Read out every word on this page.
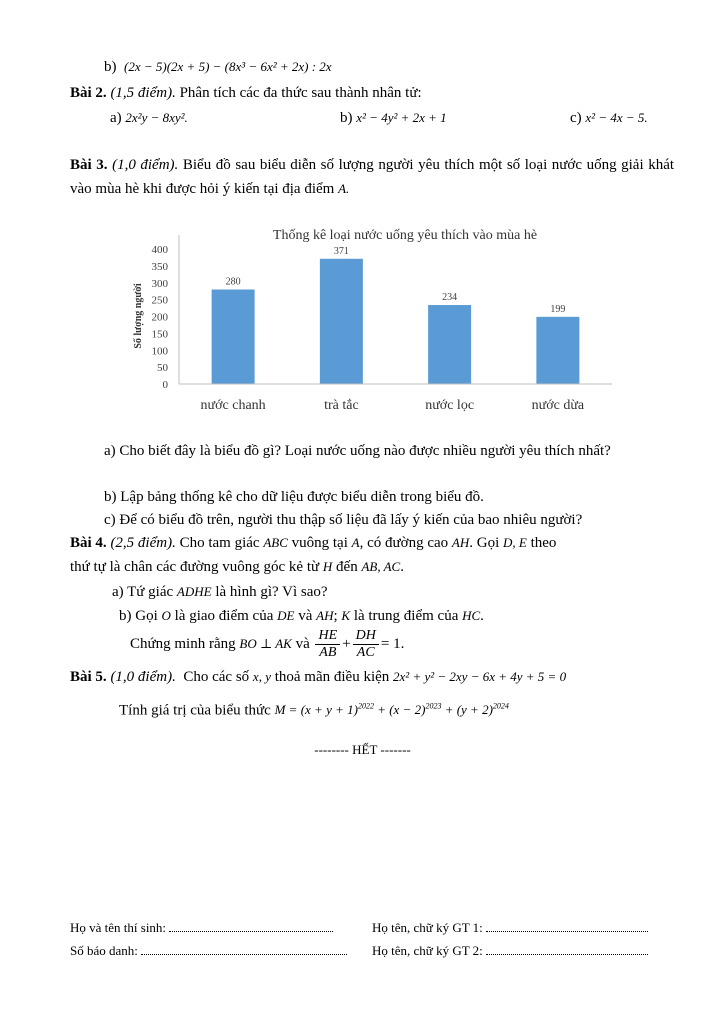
b) (2x − 5)(2x + 5) − (8x³ − 6x² + 2x) : 2x
Bài 2. (1,5 điểm). Phân tích các đa thức sau thành nhân tử:
a) 2x²y − 8xy².	b) x² − 4y² + 2x + 1	c) x² − 4x − 5.
Bài 3. (1,0 điểm). Biểu đồ sau biểu diễn số lượng người yêu thích một số loại nước uống giải khát vào mùa hè khi được hỏi ý kiến tại địa điểm A.
Thống kê loại nước uống yêu thích vào mùa hè
Số lượng người
0
50
100
150
200
250
300
350
400
280
371
234
199
nước chanh	trà tắc	nước lọc	nước dừa
a) Cho biết đây là biểu đồ gì? Loại nước uống nào được nhiều người yêu thích nhất?
b) Lập bảng thống kê cho dữ liệu được biểu diễn trong biểu đồ.
c) Để có biểu đồ trên, người thu thập số liệu đã lấy ý kiến của bao nhiêu người?
Bài 4. (2,5 điểm). Cho tam giác ABC vuông tại A, có đường cao AH. Gọi D, E theo
thứ tự là chân các đường vuông góc kẻ từ H đến AB, AC.
a) Tứ giác ADHE là hình gì? Vì sao?
b) Gọi O là giao điểm của DE và AH; K là trung điểm của HC.
Chứng minh rằng BO ⊥ AK và $\frac{HE}{AB} + \frac{DH}{AC} = 1$.
Bài 5. (1,0 điểm). Cho các số x, y thoả mãn điều kiện 2x² + y² − 2xy − 6x + 4y + 5 = 0
Tính giá trị của biểu thức $M = (x + y + 1)^{2022} + (x - 2)^{2023} + (y + 2)^{2024}$
-------- HẾT -------
Họ và tên thí sinh:	Họ tên, chữ ký GT 1:
Số báo danh:	Họ tên, chữ ký GT 2:
